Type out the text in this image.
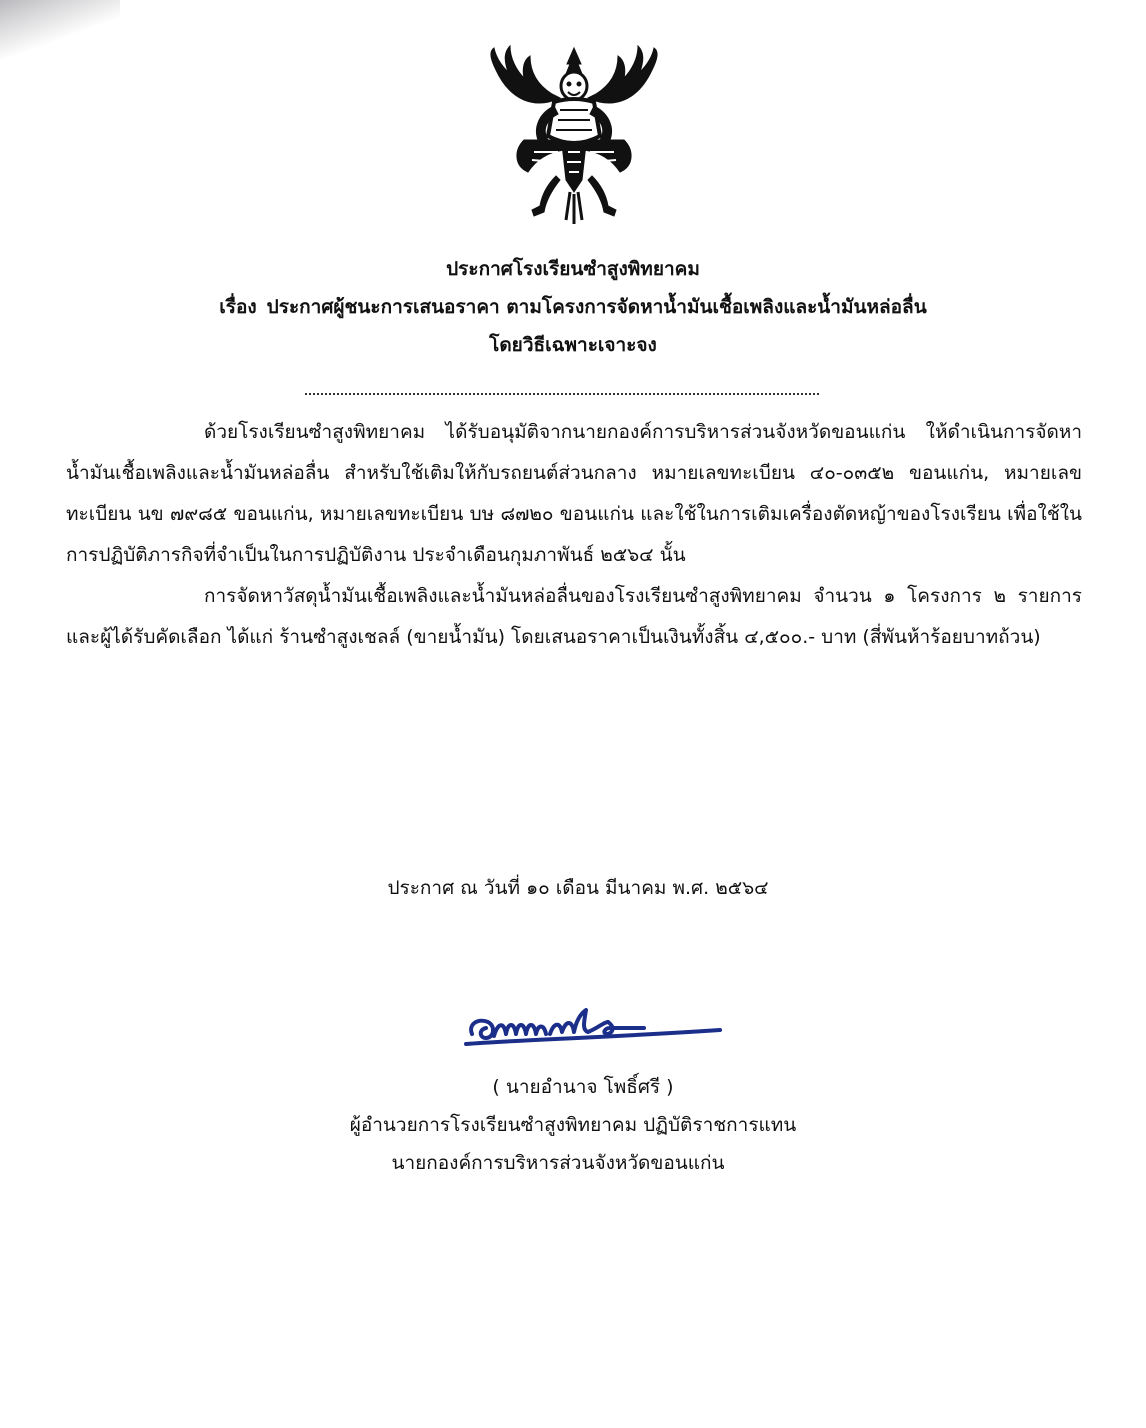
ประกาศโรงเรียนซำสูงพิทยาคม
เรื่อง ประกาศผู้ชนะการเสนอราคา ตามโครงการจัดหาน้ำมันเชื้อเพลิงและน้ำมันหล่อลื่น
โดยวิธีเฉพาะเจาะจง

ด้วยโรงเรียนซำสูงพิทยาคม ได้รับอนุมัติจากนายกองค์การบริหารส่วนจังหวัดขอนแก่น ให้ดำเนินการจัดหาน้ำมันเชื้อเพลิงและน้ำมันหล่อลื่น สำหรับใช้เติมให้กับรถยนต์ส่วนกลาง หมายเลขทะเบียน ๔๐-๐๓๕๒ ขอนแก่น, หมายเลขทะเบียน นข ๗๙๘๕ ขอนแก่น, หมายเลขทะเบียน บษ ๘๗๒๐ ขอนแก่น และใช้ในการเติมเครื่องตัดหญ้าของโรงเรียน เพื่อใช้ในการปฏิบัติภารกิจที่จำเป็นในการปฏิบัติงาน ประจำเดือนกุมภาพันธ์ ๒๕๖๔ นั้น

การจัดหาวัสดุน้ำมันเชื้อเพลิงและน้ำมันหล่อลื่นของโรงเรียนซำสูงพิทยาคม จำนวน ๑ โครงการ ๒ รายการ และผู้ได้รับคัดเลือก ได้แก่ ร้านซำสูงเชลล์ (ขายน้ำมัน) โดยเสนอราคาเป็นเงินทั้งสิ้น ๔,๕๐๐.- บาท (สี่พันห้าร้อยบาทถ้วน)

ประกาศ ณ วันที่ ๑๐ เดือน มีนาคม พ.ศ. ๒๕๖๔
( นายอำนาจ โพธิ์ศรี )
ผู้อำนวยการโรงเรียนซำสูงพิทยาคม ปฏิบัติราชการแทน
นายกองค์การบริหารส่วนจังหวัดขอนแก่น
